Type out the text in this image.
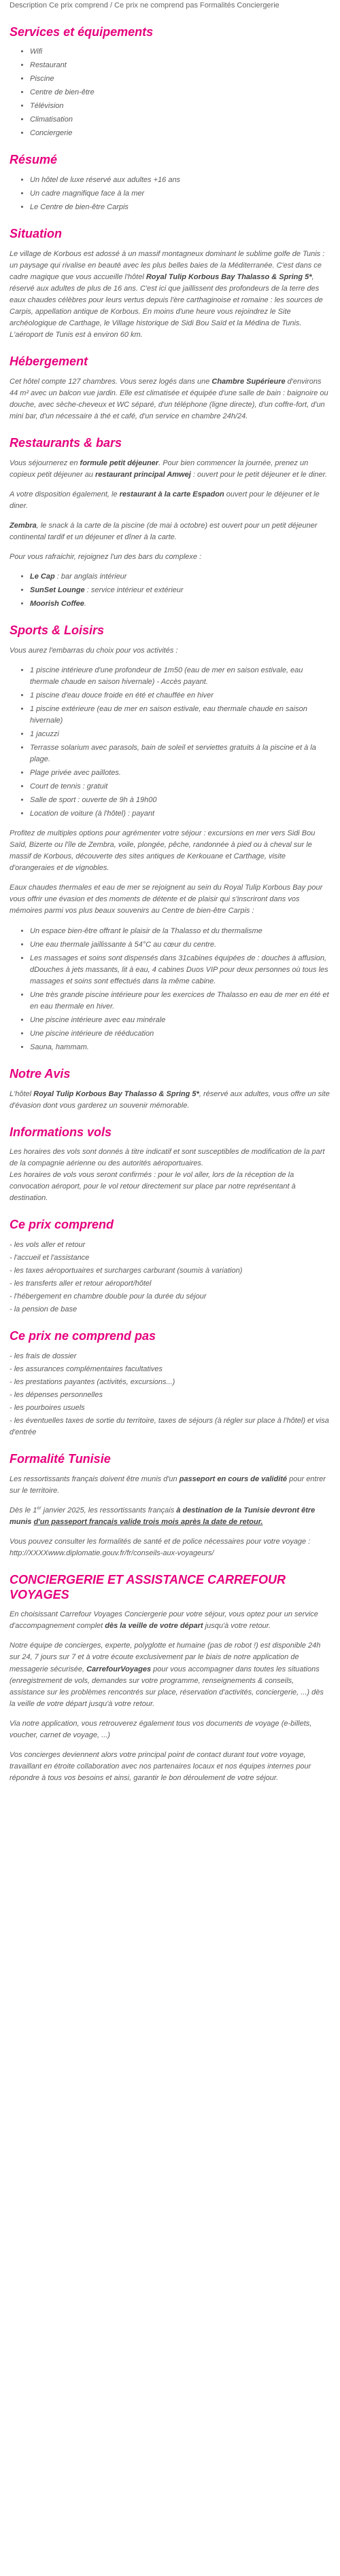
Description Ce prix comprend / Ce prix ne comprend pas Formalités Conciergerie
Services et équipements
• Wifi
• Restaurant
• Piscine
• Centre de bien-être
• Télévision
• Climatisation
• Conciergerie
Résumé
• Un hôtel de luxe réservé aux adultes +16 ans
• Un cadre magnifique face à la mer
• Le Centre de bien-être Carpis
Situation

Le village de Korbous est adossé à un massif montagneux dominant le sublime golfe de Tunis : un paysage qui rivalise en beauté avec les plus belles baies de la Méditerranée. C'est dans ce cadre magique que vous accueille l'hôtel Royal Tulip Korbous Bay Thalasso & Spring 5*, réservé aux adultes de plus de 16 ans. C'est ici que jaillissent des profondeurs de la terre des eaux chaudes célèbres pour leurs vertus depuis l'ère carthaginoise et romaine : les sources de Carpis, appellation antique de Korbous. En moins d'une heure vous rejoindrez le Site archéologique de Carthage, le Village historique de Sidi Bou Saïd et la Médina de Tunis. L'aéroport de Tunis est à environ 60 km.

Hébergement

Cet hôtel compte 127 chambres. Vous serez logés dans une Chambre Supérieure d'environs 44 m² avec un balcon vue jardin. Elle est climatisée et équipée d'une salle de bain : baignoire ou douche, avec sèche-cheveux et WC séparé, d'un téléphone (ligne directe), d'un coffre-fort, d'un mini bar, d'un nécessaire à thé et café, d'un service en chambre 24h/24.

Restaurants & bars

Vous séjournerez en formule petit déjeuner. Pour bien commencer la journée, prenez un copieux petit déjeuner au restaurant principal Amwej : ouvert pour le petit déjeuner et le diner.

A votre disposition également, le restaurant à la carte Espadon ouvert pour le déjeuner et le diner.

Zembra, le snack à la carte de la piscine (de mai à octobre) est ouvert pour un petit déjeuner continental tardif et un déjeuner et dîner à la carte.

Pour vous rafraichir, rejoignez l'un des bars du complexe :

• Le Cap : bar anglais intérieur
• SunSet Lounge : service intérieur et extérieur
• Moorish Coffee.
Sports & Loisirs

Vous aurez l'embarras du choix pour vos activités :

• 1 piscine intérieure d'une profondeur de 1m50 (eau de mer en saison estivale, eau thermale chaude en saison hivernale) - Accès payant.
• 1 piscine d'eau douce froide en été et chauffée en hiver
• 1 piscine extérieure (eau de mer en saison estivale, eau thermale chaude en saison hivernale)
• 1 jacuzzi
• Terrasse solarium avec parasols, bain de soleil et serviettes gratuits à la piscine et à la plage.
• Plage privée avec paillotes.
• Court de tennis : gratuit
• Salle de sport : ouverte de 9h à 19h00
• Location de voiture (à l'hôtel) : payant

Profitez de multiples options pour agrémenter votre séjour : excursions en mer vers Sidi Bou Saïd, Bizerte ou l'île de Zembra, voile, plongée, pêche, randonnée à pied ou à cheval sur le massif de Korbous, découverte des sites antiques de Kerkouane et Carthage, visite d'orangeraies et de vignobles.

Eaux chaudes thermales et eau de mer se rejoignent au sein du Royal Tulip Korbous Bay pour vous offrir une évasion et des moments de détente et de plaisir qui s'inscriront dans vos mémoires parmi vos plus beaux souvenirs au Centre de bien-être Carpis :

• Un espace bien-être offrant le plaisir de la Thalasso et du thermalisme
• Une eau thermale jaillissante à 54°C au cœur du centre.
• Les massages et soins sont dispensés dans 31cabines équipées de : douches à affusion, dDouches à jets massants, lit à eau, 4 cabines Duos VIP pour deux personnes où tous les massages et soins sont effectués dans la même cabine.
• Une très grande piscine intérieure pour les exercices de Thalasso en eau de mer en été et en eau thermale en hiver.
• Une piscine intérieure avec eau minérale
• Une piscine intérieure de rééducation
• Sauna, hammam.
Notre Avis

L'hôtel Royal Tulip Korbous Bay Thalasso & Spring 5*, réservé aux adultes, vous offre un site d'évasion dont vous garderez un souvenir mémorable.

Informations vols

Les horaires des vols sont donnés à titre indicatif et sont susceptibles de modification de la part de la compagnie aérienne ou des autorités aéroportuaires.
Les horaires de vols vous seront confirmés : pour le vol aller, lors de la réception de la convocation aéroport, pour le vol retour directement sur place par notre représentant à destination.

Ce prix comprend
- les vols aller et retour
- l'accueil et l'assistance
- les taxes aéroportuaires et surcharges carburant (soumis à variation)
- les transferts aller et retour aéroport/hôtel
- l'hébergement en chambre double pour la durée du séjour
- la pension de base
Ce prix ne comprend pas
- les frais de dossier
- les assurances complémentaires facultatives
- les prestations payantes (activités, excursions...)
- les dépenses personnelles
- les pourboires usuels
- les éventuelles taxes de sortie du territoire, taxes de séjours (à régler sur place à l'hôtel) et visa d'entrée
Formalité Tunisie

Les ressortissants français doivent être munis d'un passeport en cours de validité pour entrer sur le territoire.

Dès le 1er janvier 2025, les ressortissants français à destination de la Tunisie devront être munis d'un passeport français valide trois mois après la date de retour.

Vous pouvez consulter les formalités de santé et de police nécessaires pour votre voyage : http://XXXXwww.diplomatie.gouv.fr/fr/conseils-aux-voyageurs/

CONCIERGERIE ET ASSISTANCE CARREFOUR VOYAGES

En choisissant Carrefour Voyages Conciergerie pour votre séjour, vous optez pour un service d'accompagnement complet dès la veille de votre départ jusqu'à votre retour.

Notre équipe de concierges, experte, polyglotte et humaine (pas de robot !) est disponible 24h sur 24, 7 jours sur 7 et à votre écoute exclusivement par le biais de notre application de messagerie sécurisée, CarrefourVoyages pour vous accompagner dans toutes les situations (enregistrement de vols, demandes sur votre programme, renseignements & conseils, assistance sur les problèmes rencontrés sur place, réservation d'activités, conciergerie, ...) dès la veille de votre départ jusqu'à votre retour.

Via notre application, vous retrouverez également tous vos documents de voyage (e-billets, voucher, carnet de voyage, ...)

Vos concierges deviennent alors votre principal point de contact durant tout votre voyage, travaillant en étroite collaboration avec nos partenaires locaux et nos équipes internes pour répondre à tous vos besoins et ainsi, garantir le bon déroulement de votre séjour.
